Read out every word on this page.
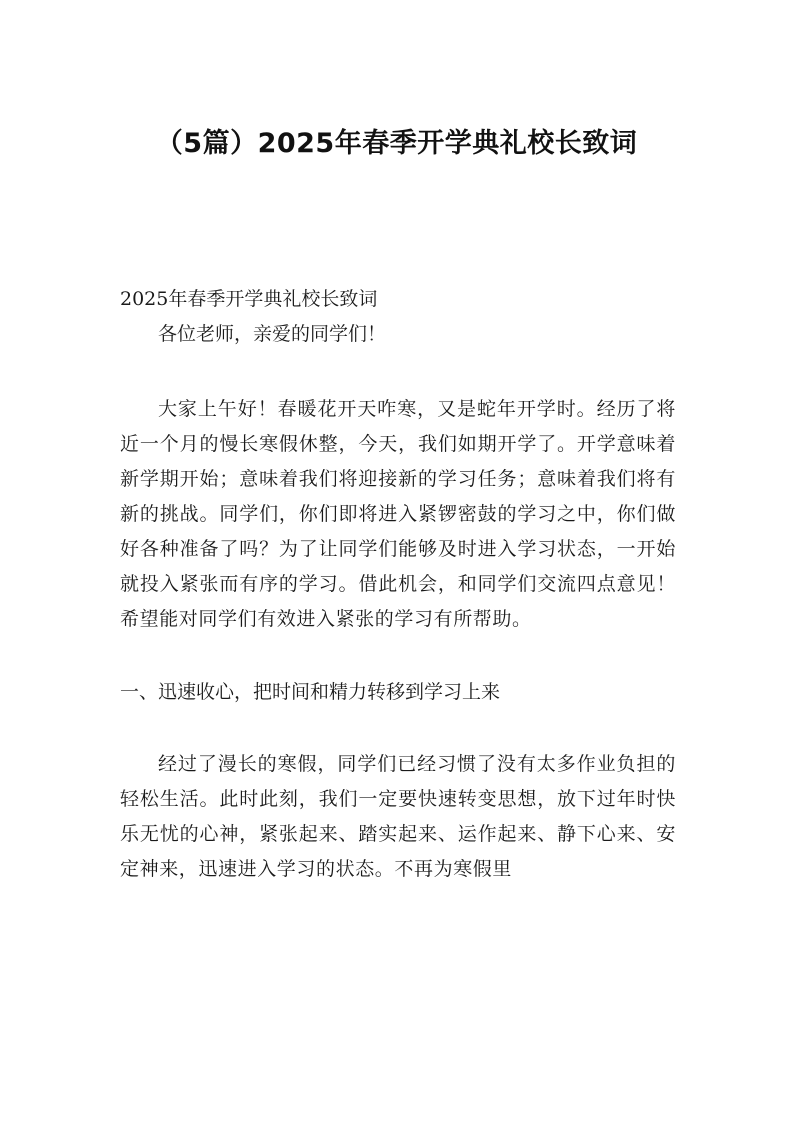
（5篇）2025年春季开学典礼校长致词

2025年春季开学典礼校长致词

各位老师，亲爱的同学们！

大家上午好！春暖花开天咋寒，又是蛇年开学时。经历了将近一个月的慢长寒假休整，今天，我们如期开学了。开学意味着新学期开始；意味着我们将迎接新的学习任务；意味着我们将有新的挑战。同学们，你们即将进入紧锣密鼓的学习之中，你们做好各种准备了吗？为了让同学们能够及时进入学习状态，一开始就投入紧张而有序的学习。借此机会，和同学们交流四点意见！希望能对同学们有效进入紧张的学习有所帮助。

一、迅速收心，把时间和精力转移到学习上来

经过了漫长的寒假，同学们已经习惯了没有太多作业负担的轻松生活。此时此刻，我们一定要快速转变思想，放下过年时快乐无忧的心神，紧张起来、踏实起来、运作起来、静下心来、安定神来，迅速进入学习的状态。不再为寒假里
